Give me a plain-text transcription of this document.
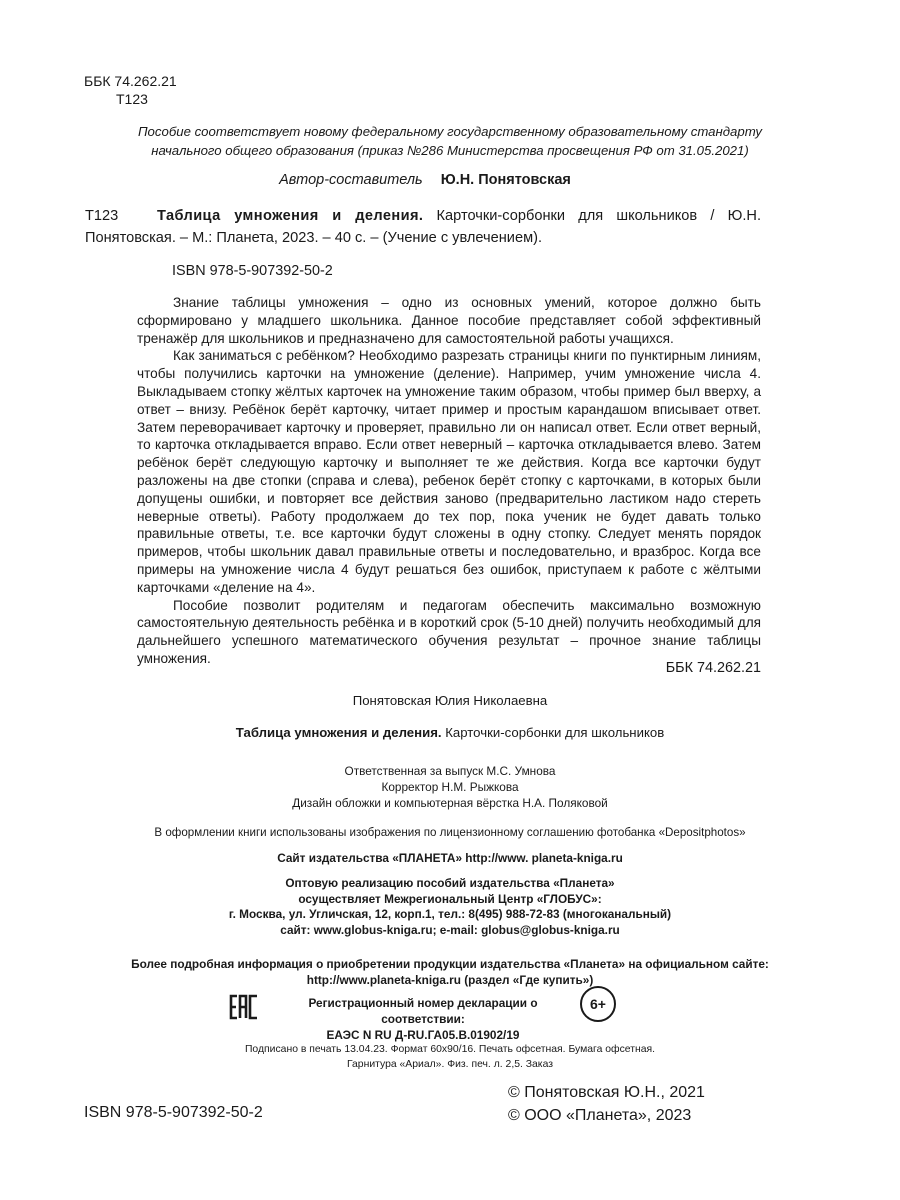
ББК 74.262.21
Т123
Пособие соответствует новому федеральному государственному образовательному стандарту
начального общего образования (приказ №286 Министерства просвещения РФ от 31.05.2021)
Автор-составитель Ю.Н. Понятовская
Т123	Таблица умножения и деления. Карточки-сорбонки для школьников / Ю.Н. Понятовская. – М.: Планета, 2023. – 40 с. – (Учение с увлечением).
ISBN 978-5-907392-50-2

Знание таблицы умножения – одно из основных умений, которое должно быть сформировано у младшего школьника. Данное пособие представляет собой эффективный тренажёр для школьников и предназначено для самостоятельной работы учащихся.

Как заниматься с ребёнком? Необходимо разрезать страницы книги по пунктирным линиям, чтобы получились карточки на умножение (деление). Например, учим умножение числа 4. Выкладываем стопку жёлтых карточек на умножение таким образом, чтобы пример был вверху, а ответ – внизу. Ребёнок берёт карточку, читает пример и простым карандашом вписывает ответ. Затем переворачивает карточку и проверяет, правильно ли он написал ответ. Если ответ верный, то карточка откладывается вправо. Если ответ неверный – карточка откладывается влево. Затем ребёнок берёт следующую карточку и выполняет те же действия. Когда все карточки будут разложены на две стопки (справа и слева), ребенок берёт стопку с карточками, в которых были допущены ошибки, и повторяет все действия заново (предварительно ластиком надо стереть неверные ответы). Работу продолжаем до тех пор, пока ученик не будет давать только правильные ответы, т.е. все карточки будут сложены в одну стопку. Следует менять порядок примеров, чтобы школьник давал правильные ответы и последовательно, и вразброс. Когда все примеры на умножение числа 4 будут решаться без ошибок, приступаем к работе с жёлтыми карточками «деление на 4».

Пособие позволит родителям и педагогам обеспечить максимально возможную самостоятельную деятельность ребёнка и в короткий срок (5-10 дней) получить необходимый для дальнейшего успешного математического обучения результат – прочное знание таблицы умножения.

ББК 74.262.21
Понятовская Юлия Николаевна
Таблица умножения и деления. Карточки-сорбонки для школьников
Ответственная за выпуск М.С. Умнова
Корректор Н.М. Рыжкова
Дизайн обложки и компьютерная вёрстка Н.А. Поляковой
В оформлении книги использованы изображения по лицензионному соглашению фотобанка «Depositphotos»
Сайт издательства «ПЛАНЕТА» http://www. planeta-kniga.ru
Оптовую реализацию пособий издательства «Планета»
осуществляет Межрегиональный Центр «ГЛОБУС»:
г. Москва, ул. Угличская, 12, корп.1, тел.: 8(495) 988-72-83 (многоканальный)
сайт: www.globus-kniga.ru; e-mail: globus@globus-kniga.ru
Более подробная информация о приобретении продукции издательства «Планета» на официальном сайте:
http://www.planeta-kniga.ru (раздел «Где купить»)
Регистрационный номер декларации о соответствии:
ЕАЭС N RU Д-RU.ГА05.В.01902/19
6+
Подписано в печать 13.04.23. Формат 60х90/16. Печать офсетная. Бумага офсетная.
Гарнитура «Ариал». Физ. печ. л. 2,5. Заказ
ISBN 978-5-907392-50-2
© Понятовская Ю.Н., 2021
© ООО «Планета», 2023
